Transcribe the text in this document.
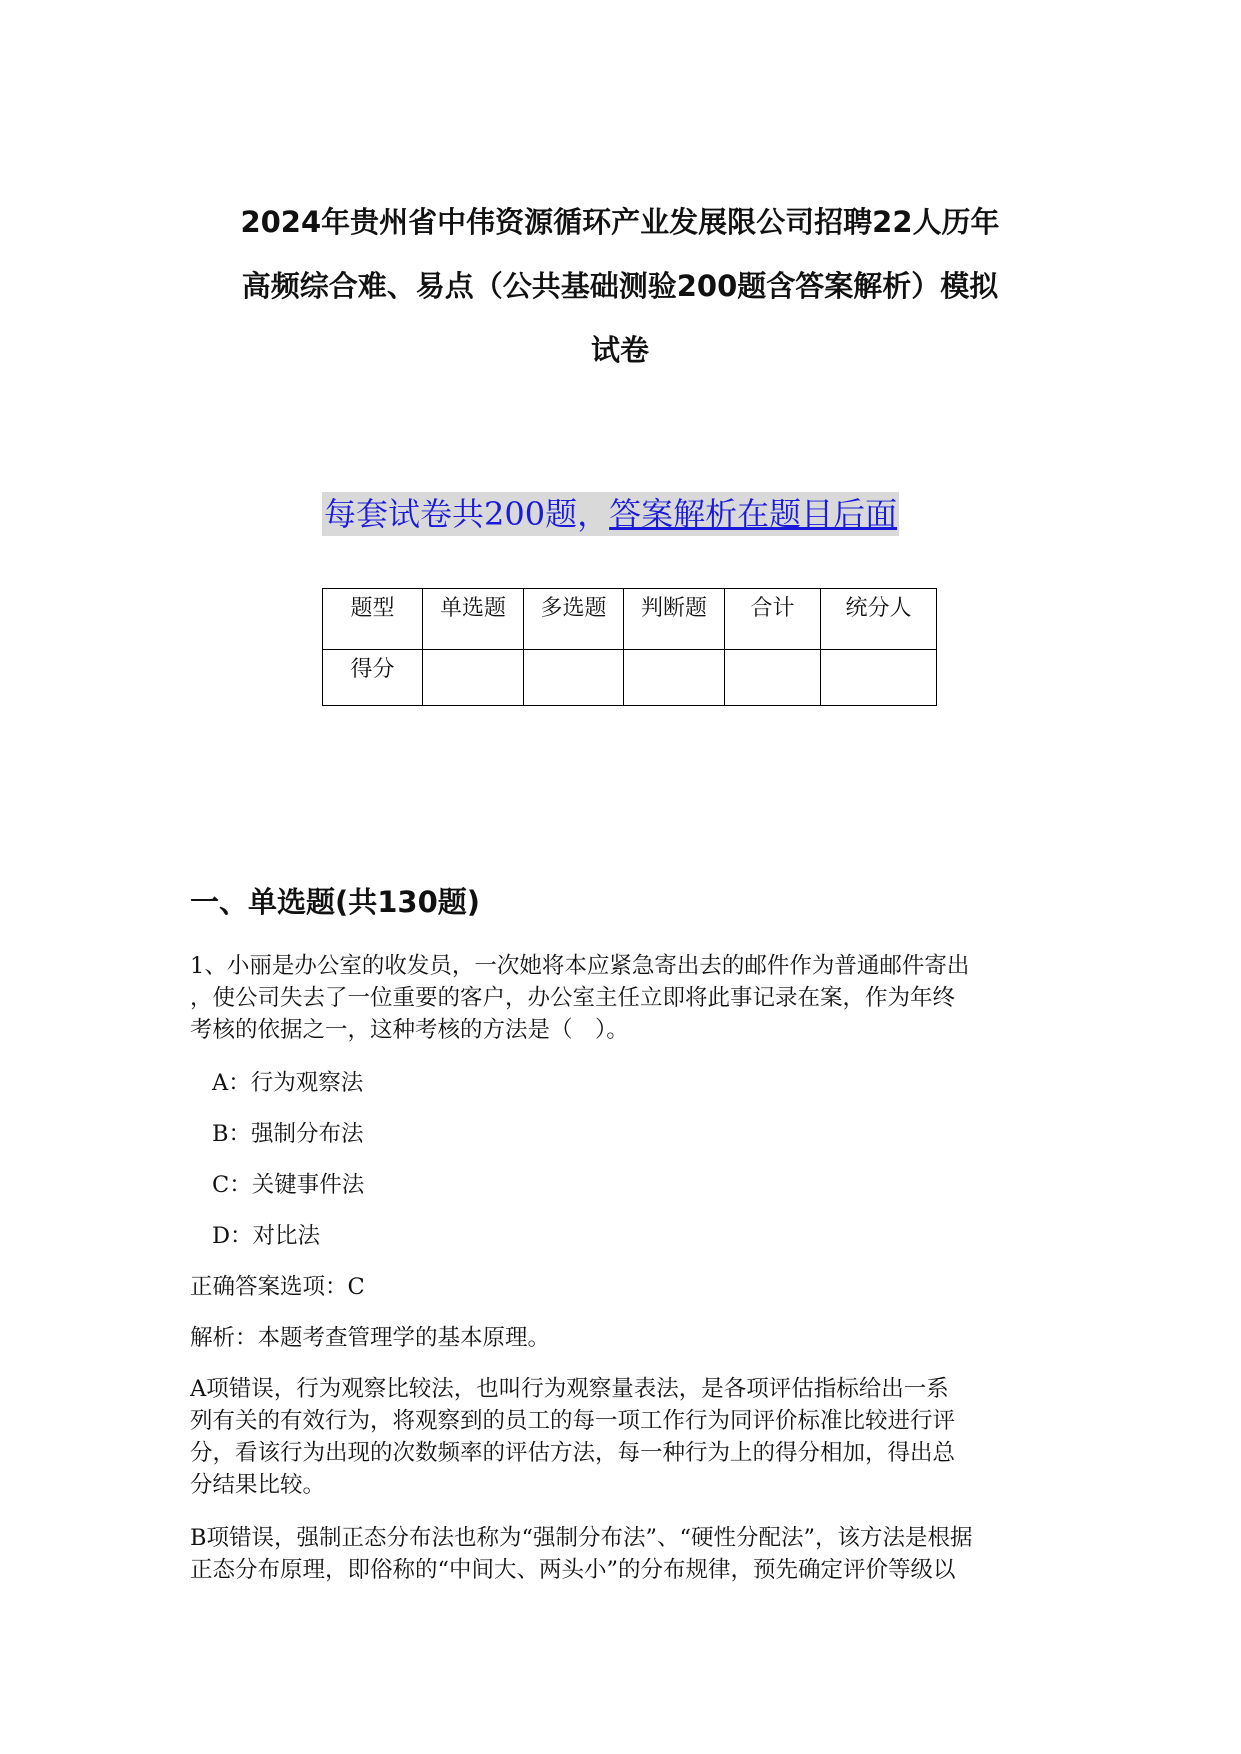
2024年贵州省中伟资源循环产业发展限公司招聘22人历年
高频综合难、易点（公共基础测验200题含答案解析）模拟
试卷
每套试卷共200题，答案解析在题目后面
题型	单选题	多选题	判断题	合计	统分人
得分					
一、单选题(共130题)
1、小丽是办公室的收发员，一次她将本应紧急寄出去的邮件作为普通邮件寄出
，使公司失去了一位重要的客户，办公室主任立即将此事记录在案，作为年终
考核的依据之一，这种考核的方法是（　）。
A：行为观察法
B：强制分布法
C：关键事件法
D：对比法
正确答案选项：C
解析：本题考查管理学的基本原理。
A项错误，行为观察比较法，也叫行为观察量表法，是各项评估指标给出一系
列有关的有效行为，将观察到的员工的每一项工作行为同评价标准比较进行评
分，看该行为出现的次数频率的评估方法，每一种行为上的得分相加，得出总
分结果比较。
B项错误，强制正态分布法也称为“强制分布法”、“硬性分配法”，该方法是根据
正态分布原理，即俗称的“中间大、两头小”的分布规律，预先确定评价等级以
